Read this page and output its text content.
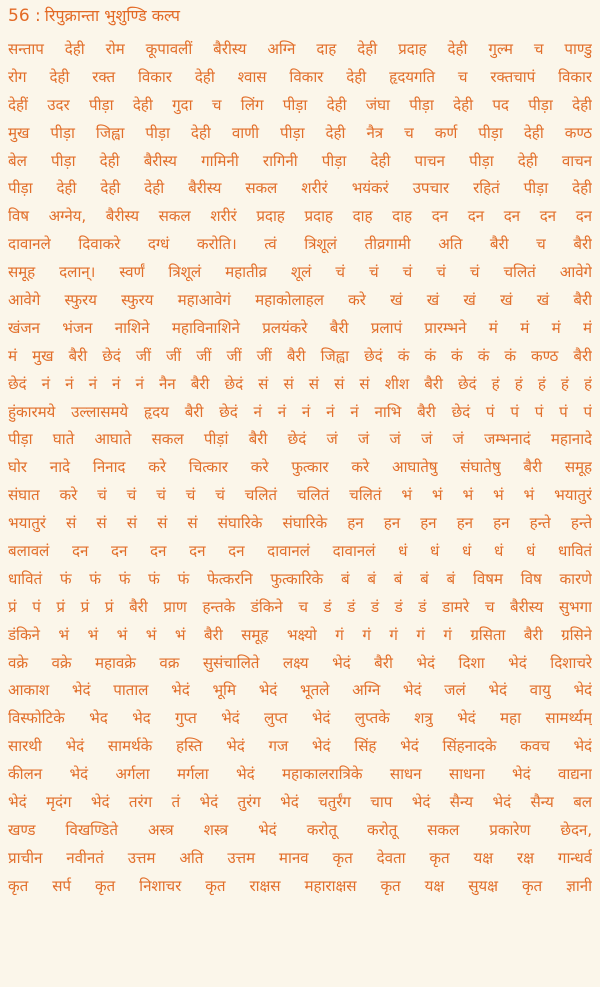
56 : रिपुक्रान्ता भुशुण्डि कल्प
सन्ताप देही रोम कूपावलीं बैरीस्य अग्नि दाह देही प्रदाह देही गुल्म च पाण्डु
रोग देही रक्त विकार देही श्वास विकार देही हृदयगति च रक्तचापं विकार
देहीं उदर पीड़ा देही गुदा च लिंग पीड़ा देही जंघा पीड़ा देही पद पीड़ा देही
मुख पीड़ा जिह्वा पीड़ा देही वाणी पीड़ा देही नैत्र च कर्ण पीड़ा देही कण्ठ
बेल पीड़ा देही बैरीस्य गामिनी रागिनी पीड़ा देही पाचन पीड़ा देही वाचन
पीड़ा देही देही देही बैरीस्य सकल शरीरं भयंकरं उपचार रहितं पीड़ा देही
विष अग्नेय, बैरीस्य सकल शरीरं प्रदाह प्रदाह दाह दाह दन दन दन दन दन
दावानले दिवाकरे दग्धं करोति। त्वं त्रिशूलं तीव्रगामी अति बैरी च बैरी
समूह दलान्। स्वर्णं त्रिशूलं महातीव्र शूलं चं चं चं चं चं चलितं आवेगे
आवेगे स्फुरय स्फुरय महाआवेगं महाकोलाहल करे खं खं खं खं खं बैरी
खंजन भंजन नाशिने महाविनाशिने प्रलयंकरे बैरी प्रलापं प्रारम्भने मं मं मं मं
मं मुख बैरी छेदं जीं जीं जीं जीं जीं बैरी जिह्वा छेदं कं कं कं कं कं कण्ठ बैरी
छेदं नं नं नं नं नं नैन बैरी छेदं सं सं सं सं सं शीश बैरी छेदं हं हं हं हं हं
हुंकारमये उल्लासमये हृदय बैरी छेदं नं नं नं नं नं नाभि बैरी छेदं पं पं पं पं पं
पीड़ा घाते आघाते सकल पीड़ां बैरी छेदं जं जं जं जं जं जम्भनादं महानादे
घोर नादे निनाद करे चित्कार करे फुत्कार करे आघातेषु संघातेषु बैरी समूह
संघात करे चं चं चं चं चं चलितं चलितं चलितं भं भं भं भं भं भयातुरं
भयातुरं सं सं सं सं सं संघारिके संघारिके हन हन हन हन हन हन्ते हन्ते
बलावलं दन दन दन दन दन दावानलं दावानलं धं धं धं धं धं धावितं
धावितं फं फं फं फं फं फेत्करनि फुत्कारिके बं बं बं बं बं विषम विष कारणे
प्रं पं प्रं प्रं प्रं बैरी प्राण हन्तके डंकिने च डं डं डं डं डं डामरे च बैरीस्य सुभगा
डंकिने भं भं भं भं भं बैरी समूह भक्ष्यो गं गं गं गं गं ग्रसिता बैरी ग्रसिने
वक्रे वक्रे महावक्रे वक्र सुसंचालिते लक्ष्य भेदं बैरी भेदं दिशा भेदं दिशाचरे
आकाश भेदं पाताल भेदं भूमि भेदं भूतले अग्नि भेदं जलं भेदं वायु भेदं
विस्फोटिके भेद भेद गुप्त भेदं लुप्त भेदं लुप्तके शत्रु भेदं महा सामर्थ्यम्
सारथी भेदं सामर्थके हस्ति भेदं गज भेदं सिंह भेदं सिंहनादके कवच भेदं
कीलन भेदं अर्गला मर्गला भेदं महाकालरात्रिके साधन साधना भेदं वाद्यना
भेदं मृदंग भेदं तरंग तं भेदं तुरंग भेदं चतुर्रंग चाप भेदं सैन्य भेदं सैन्य बल
खण्ड विखण्डिते अस्त्र शस्त्र भेदं करोतू करोतू सकल प्रकारेण छेदन,
प्राचीन नवीनतं उत्तम अति उत्तम मानव कृत देवता कृत यक्ष रक्ष गान्धर्व
कृत सर्प कृत निशाचर कृत राक्षस महाराक्षस कृत यक्ष सुयक्ष कृत ज्ञानी
